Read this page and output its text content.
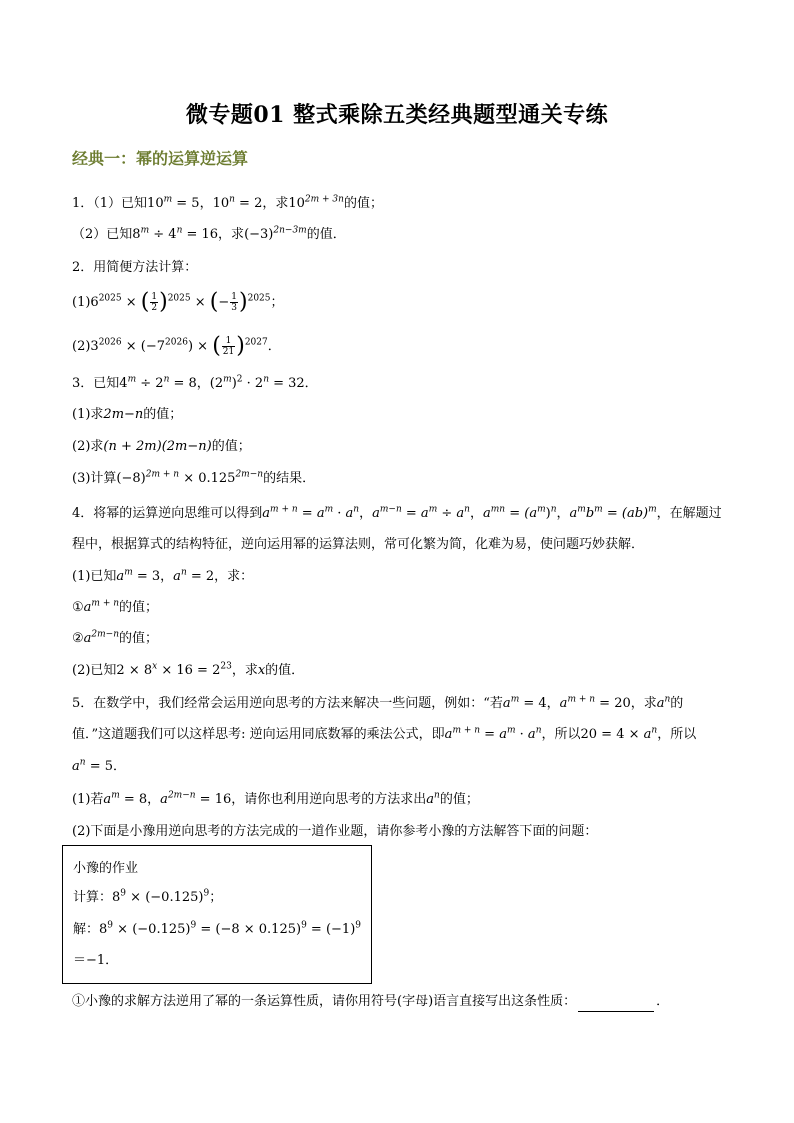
微专题01 整式乘除五类经典题型通关专练
经典一：幂的运算逆运算
1．（1）已知$10^m = 5$，$10^n = 2$，求$10^{2m + 3n}$的值；
（2）已知$8^m \div 4^n = 16$，求$(-3)^{2n-3m}$的值．
2．用简便方法计算：
$(1)6^{2025}$ × ( $\frac{1}{2} )^{2025}$ × (− $\frac{1}{3} )^{2025}$；
$(2)3^{2026} \times (-7^{2026})$ × ( $\frac{1}{21} )^{2027}$．
3．已知$4^m \div 2^n = 8$，$(2^m)^2 \cdot 2^n = 32$．
(1)求2m−n的值；
(2)求(n + 2m)(2m−n)的值；
(3)计算$(-8)^{2m + n} \times 0.125^{2m-n}$的结果．
4．将幂的运算逆向思维可以得到$a^{m + n} = a^m \cdot a^n$，$a^{m-n} = a^m \div a^n$，$a^{mn} = (a^m)^n$，$a^mb^m = (ab)^m$，在解题过
程中，根据算式的结构特征，逆向运用幂的运算法则，常可化繁为简，化难为易，使问题巧妙获解．
(1)已知$a^m = 3$，$a^n = 2$，求：
$①a^{m + n}$的值；
$②a^{2m-n}$的值；
(2)已知$2 \times 8^x \times 16 = 2^{23}$，求x的值．
5．在数学中，我们经常会运用逆向思考的方法来解决一些问题，例如：“若$a^m = 4$，$a^{m + n} = 20$，求$a^n$的
值．”这道题我们可以这样思考: 逆向运用同底数幂的乘法公式，即$a^{m + n} = a^m \cdot a^n$，所以$20 = 4 \times a^n$，所以
$a^n = 5$．
(1)若$a^m = 8$，$a^{2m-n} = 16$，请你也利用逆向思考的方法求出$a^n$的值；
(2)下面是小豫用逆向思考的方法完成的一道作业题，请你参考小豫的方法解答下面的问题：
小豫的作业
计算：$8^9 \times (-0.125)^9$；
解：$8^9 \times (-0.125)^9 = (-8 \times 0.125)^9 = (-1)^9$
＝−1．
①小豫的求解方法逆用了幂的一条运算性质，请你用符号(字母)语言直接写出这条性质：	．
